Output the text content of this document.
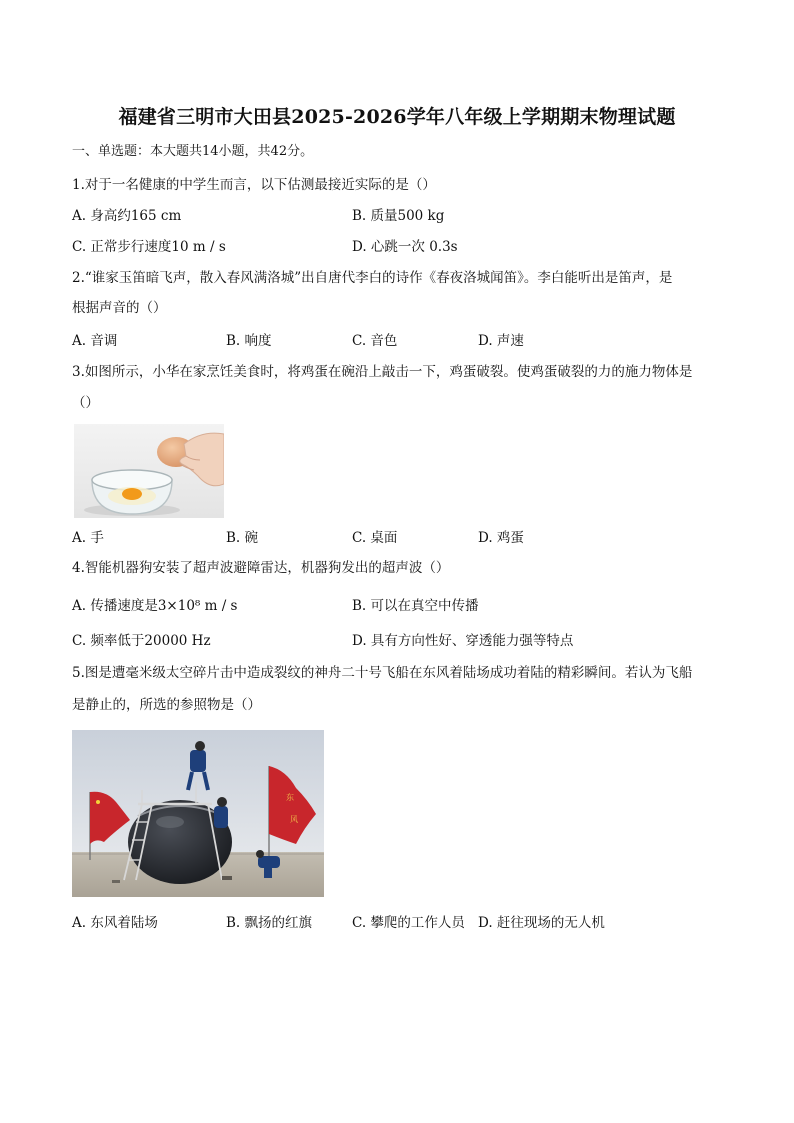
福建省三明市大田县2025-2026学年八年级上学期期末物理试题
一、单选题：本大题共14小题，共42分。
1.对于一名健康的中学生而言，以下估测最接近实际的是（）
A. 身高约165 cm	B. 质量500 kg
C. 正常步行速度10 m / s	D. 心跳一次 0.3s
2.“谁家玉笛暗飞声，散入春风满洛城”出自唐代李白的诗作《春夜洛城闻笛》。李白能听出是笛声，是
根据声音的（）
A. 音调	B. 响度	C. 音色	D. 声速
3.如图所示，小华在家烹饪美食时，将鸡蛋在碗沿上敲击一下，鸡蛋破裂。使鸡蛋破裂的力的施力物体是
（）
A. 手	B. 碗	C. 桌面	D. 鸡蛋
4.智能机器狗安装了超声波避障雷达，机器狗发出的超声波（）
A. 传播速度是3×10⁸ m / s	B. 可以在真空中传播
C. 频率低于20000 Hz	D. 具有方向性好、穿透能力强等特点
5.图是遭毫米级太空碎片击中造成裂纹的神舟二十号飞船在东风着陆场成功着陆的精彩瞬间。若认为飞船
是静止的，所选的参照物是（）
东
风
A. 东风着陆场	B. 飘扬的红旗	C. 攀爬的工作人员 D. 赶往现场的无人机
